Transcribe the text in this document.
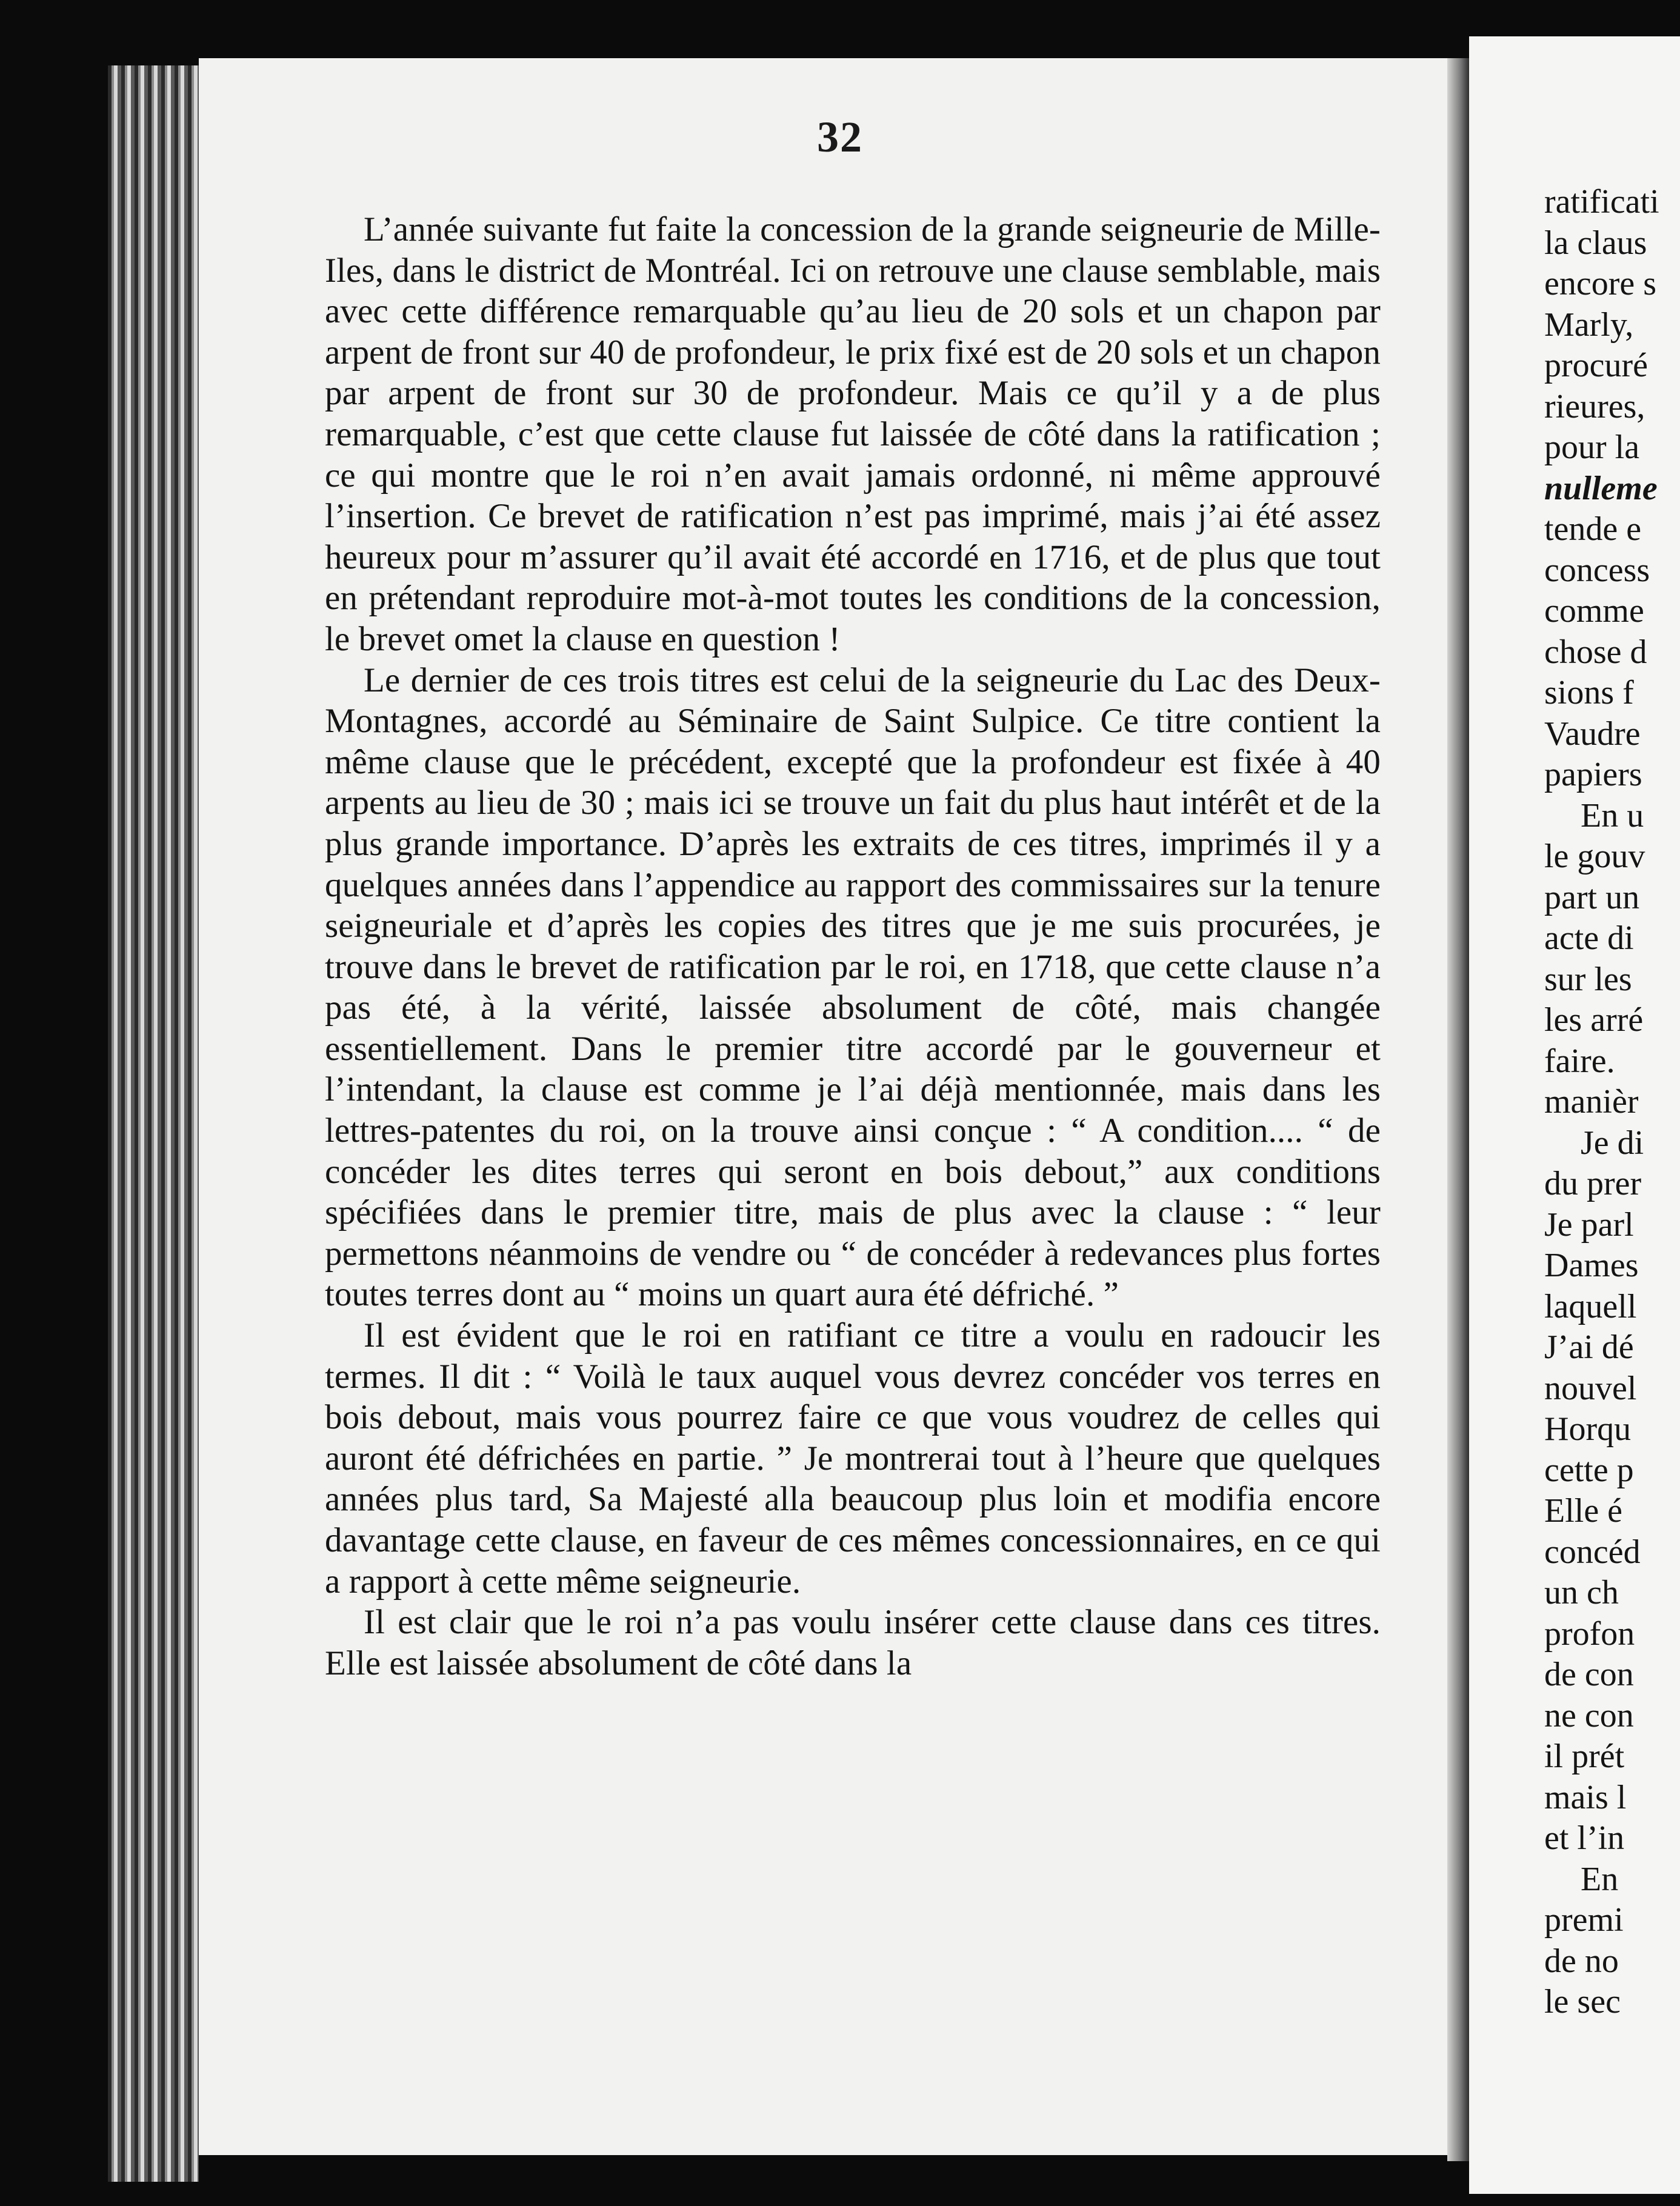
32

L’année suivante fut faite la concession de la grande seigneurie de Mille-Iles, dans le district de Montréal. Ici on retrouve une clause semblable, mais avec cette différence remarquable qu’au lieu de 20 sols et un chapon par arpent de front sur 40 de profondeur, le prix fixé est de 20 sols et un chapon par arpent de front sur 30 de profondeur. Mais ce qu’il y a de plus remarquable, c’est que cette clause fut laissée de côté dans la ratification ; ce qui montre que le roi n’en avait jamais ordonné, ni même approuvé l’insertion. Ce brevet de ratification n’est pas imprimé, mais j’ai été assez heureux pour m’assurer qu’il avait été accordé en 1716, et de plus que tout en prétendant reproduire mot-à-mot toutes les conditions de la concession, le brevet omet la clause en question !

Le dernier de ces trois titres est celui de la seigneurie du Lac des Deux-Montagnes, accordé au Séminaire de Saint Sulpice. Ce titre contient la même clause que le précédent, excepté que la profondeur est fixée à 40 arpents au lieu de 30 ; mais ici se trouve un fait du plus haut intérêt et de la plus grande importance. D’après les extraits de ces titres, imprimés il y a quelques années dans l’appendice au rapport des commissaires sur la tenure seigneuriale et d’après les copies des titres que je me suis procurées, je trouve dans le brevet de ratification par le roi, en 1718, que cette clause n’a pas été, à la vérité, laissée absolument de côté, mais changée essentiellement. Dans le premier titre accordé par le gouverneur et l’intendant, la clause est comme je l’ai déjà mentionnée, mais dans les lettres-patentes du roi, on la trouve ainsi conçue : “ A condition.... “ de concéder les dites terres qui seront en bois debout,” aux conditions spécifiées dans le premier titre, mais de plus avec la clause : “ leur permettons néanmoins de vendre ou “ de concéder à redevances plus fortes toutes terres dont au “ moins un quart aura été défriché. ”

Il est évident que le roi en ratifiant ce titre a voulu en radoucir les termes. Il dit : “ Voilà le taux auquel vous devrez concéder vos terres en bois debout, mais vous pourrez faire ce que vous voudrez de celles qui auront été défrichées en partie. ” Je montrerai tout à l’heure que quelques années plus tard, Sa Majesté alla beaucoup plus loin et modifia encore davantage cette clause, en faveur de ces mêmes concessionnaires, en ce qui a rapport à cette même seigneurie.

Il est clair que le roi n’a pas voulu insérer cette clause dans ces titres. Elle est laissée absolument de côté dans la

ratificati
la claus
encore s
Marly,
procuré
rieures,
pour la
nulleme
tende e
concess
comme
chose d
sions f
Vaudre
papiers
En u
le gouv
part un
acte di
sur les
les arré
faire.
manièr
Je di
du prer
Je parl
Dames
laquell
J’ai dé
nouvel
Horqu
cette p
Elle é
concéd
un ch
profon
de con
ne con
il prét
mais l
et l’in
En
premi
de no
le sec
